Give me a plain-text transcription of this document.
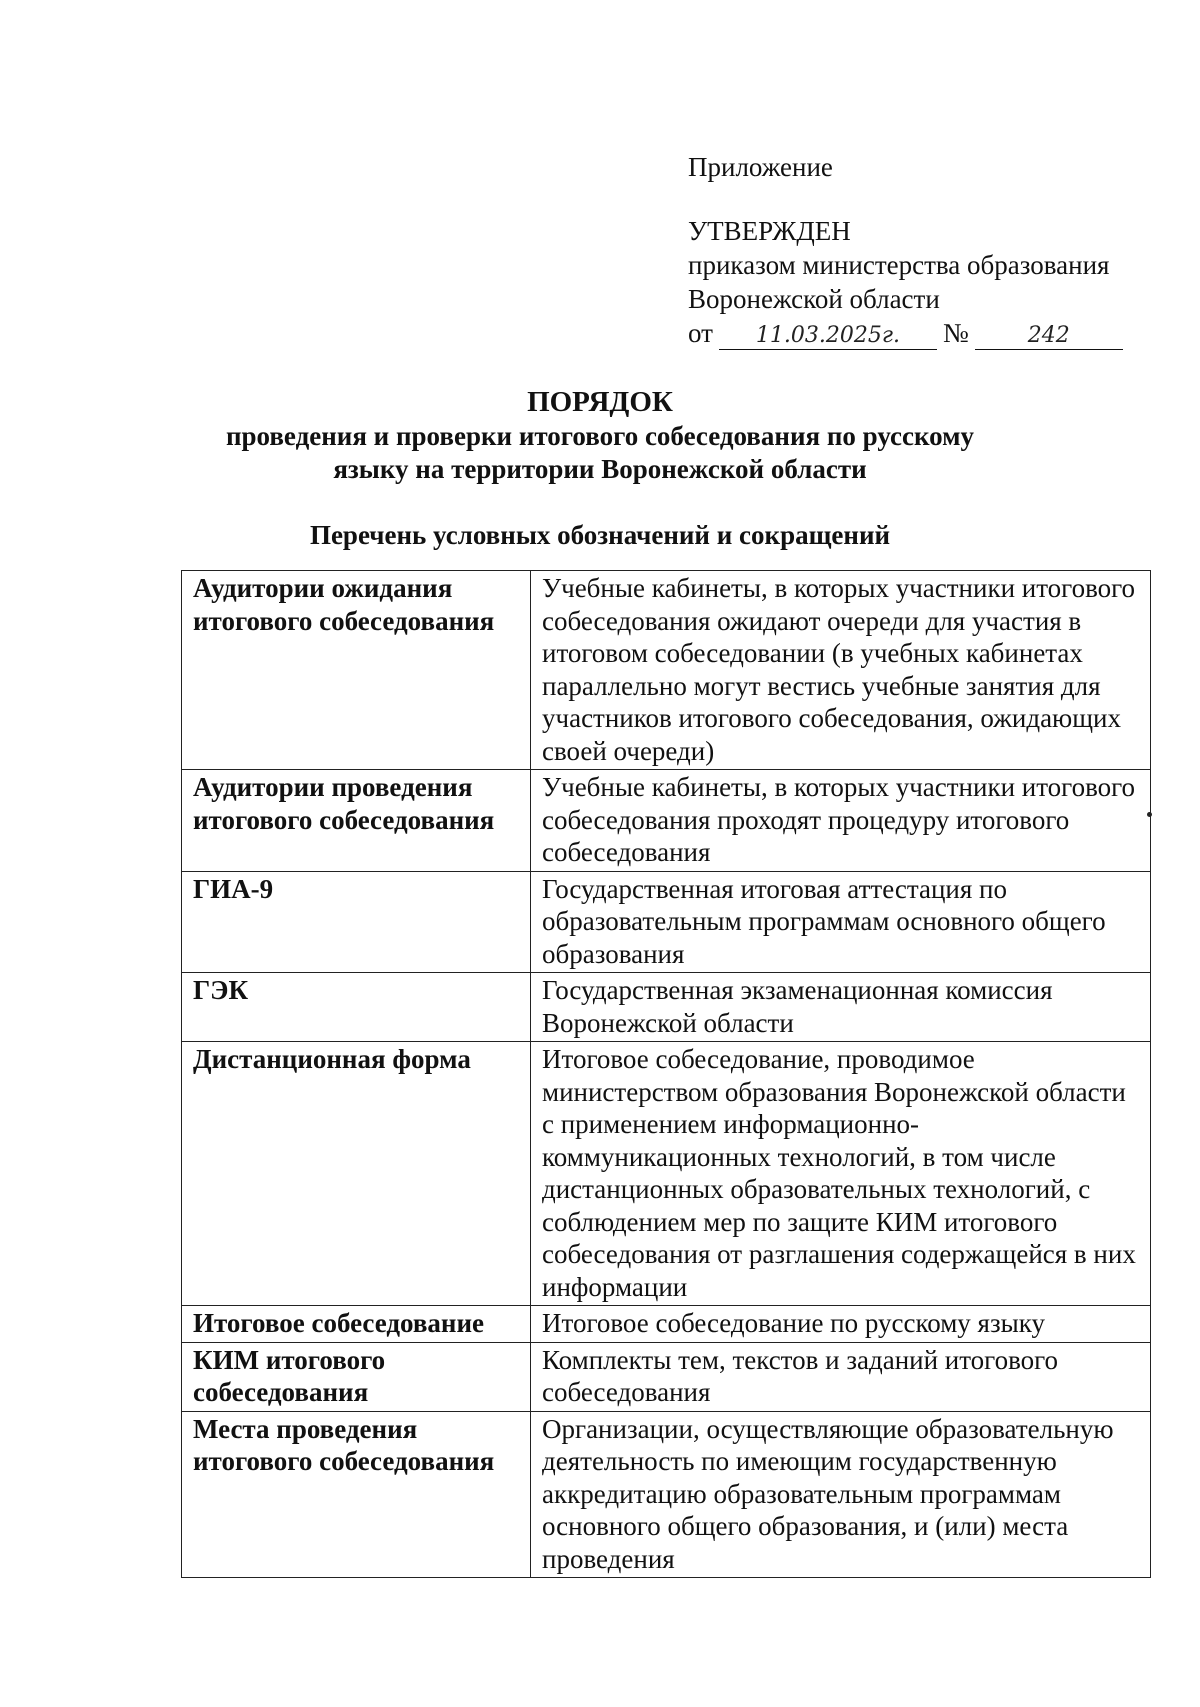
Приложение
УТВЕРЖДЕН
приказом министерства образования
Воронежской области
от	11.03.2025г.	№	242
ПОРЯДОК
проведения и проверки итогового собеседования по русскому
языку на территории Воронежской области
Перечень условных обозначений и сокращений
Аудитории ожидания итогового собеседования	Учебные кабинеты, в которых участники итогового собеседования ожидают очереди для участия в итоговом собеседовании (в учебных кабинетах параллельно могут вестись учебные занятия для участников итогового собеседования, ожидающих своей очереди)
Аудитории проведения итогового собеседования	Учебные кабинеты, в которых участники итогового собеседования проходят процедуру итогового собеседования
ГИА-9	Государственная итоговая аттестация по образовательным программам основного общего образования
ГЭК	Государственная экзаменационная комиссия Воронежской области
Дистанционная форма	Итоговое собеседование, проводимое министерством образования Воронежской области с применением информационно-коммуникационных технологий, в том числе дистанционных образовательных технологий, с соблюдением мер по защите КИМ итогового собеседования от разглашения содержащейся в них информации
Итоговое собеседование	Итоговое собеседование по русскому языку
КИМ итогового собеседования	Комплекты тем, текстов и заданий итогового собеседования
Места проведения итогового собеседования	Организации, осуществляющие образовательную деятельность по имеющим государственную аккредитацию образовательным программам основного общего образования, и (или) места проведения
